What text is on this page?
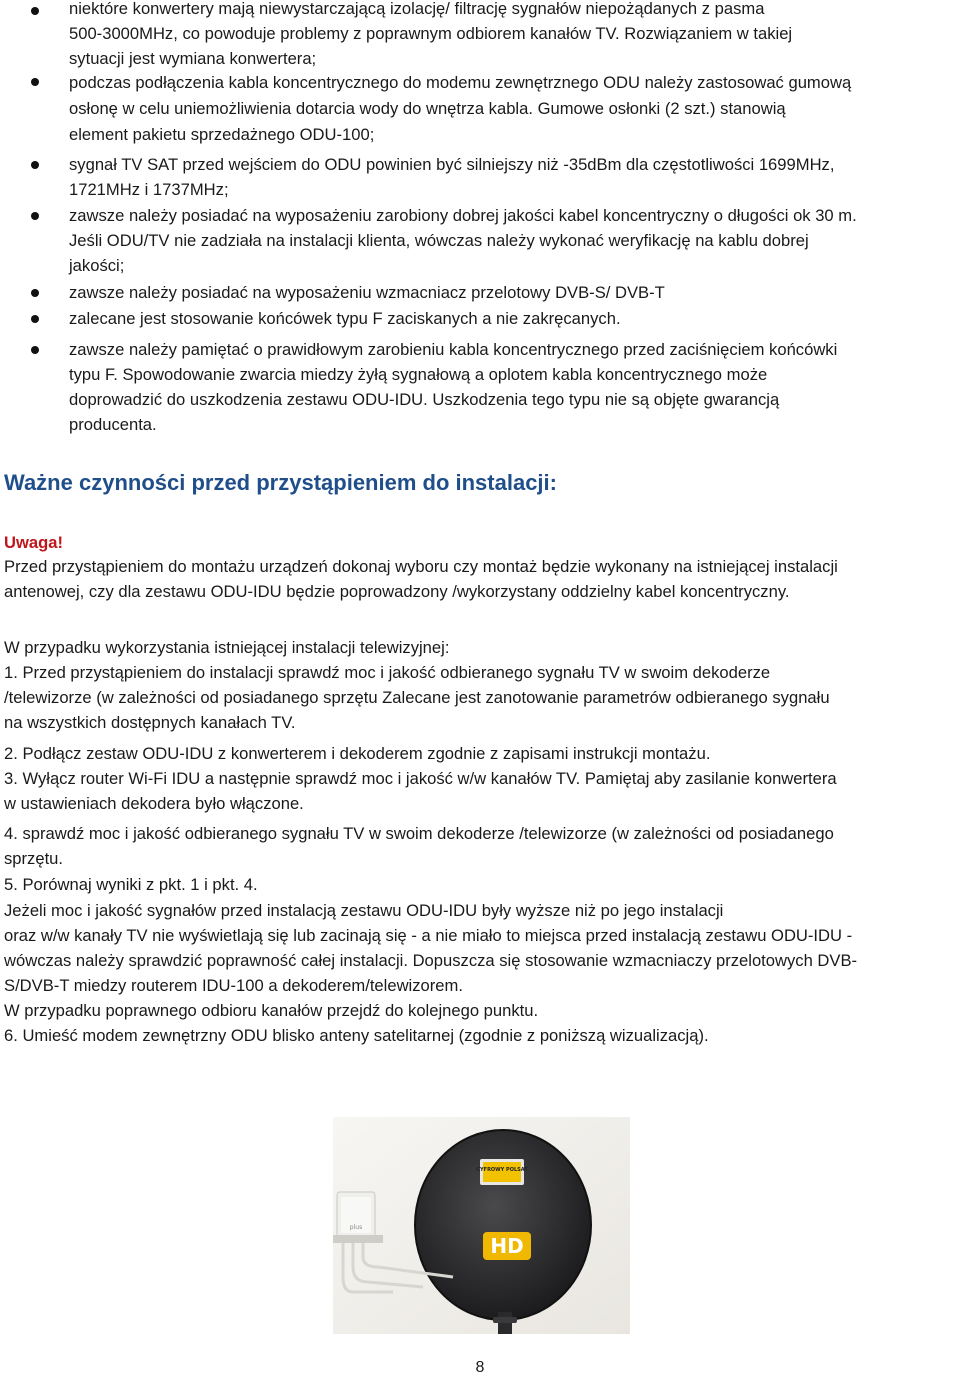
niektóre konwertery mają niewystarczającą izolację/ filtrację sygnałów niepożądanych z pasma
500-3000MHz, co powoduje problemy z poprawnym odbiorem kanałów TV. Rozwiązaniem w takiej
sytuacji jest wymiana konwertera;
podczas podłączenia kabla koncentrycznego do modemu zewnętrznego ODU należy zastosować gumową
osłonę w celu uniemożliwienia dotarcia wody do wnętrza kabla. Gumowe osłonki (2 szt.) stanowią
element pakietu sprzedażnego ODU-100;
sygnał TV SAT przed wejściem do ODU powinien być silniejszy niż -35dBm dla częstotliwości 1699MHz,
1721MHz i 1737MHz;
zawsze należy posiadać na wyposażeniu zarobiony dobrej jakości kabel koncentryczny o długości ok 30 m.
Jeśli ODU/TV nie zadziała na instalacji klienta, wówczas należy wykonać weryfikację na kablu dobrej
jakości;
zawsze należy posiadać na wyposażeniu wzmacniacz przelotowy DVB-S/ DVB-T
zalecane jest stosowanie końcówek typu F zaciskanych a nie zakręcanych.
zawsze należy pamiętać o prawidłowym zarobieniu kabla koncentrycznego przed zaciśnięciem końcówki
typu F. Spowodowanie zwarcia miedzy żyłą sygnałową a oplotem kabla koncentrycznego może
doprowadzić do uszkodzenia zestawu ODU-IDU. Uszkodzenia tego typu nie są objęte gwarancją
producenta.
Ważne czynności przed przystąpieniem do instalacji:
Uwaga!
Przed przystąpieniem do montażu urządzeń dokonaj wyboru czy montaż będzie wykonany na istniejącej instalacji
antenowej, czy dla zestawu ODU-IDU będzie poprowadzony /wykorzystany oddzielny kabel koncentryczny.
W przypadku wykorzystania istniejącej instalacji telewizyjnej:
1. Przed przystąpieniem do instalacji sprawdź moc i jakość odbieranego sygnału TV w swoim dekoderze
/telewizorze (w zależności od posiadanego sprzętu Zalecane jest zanotowanie parametrów odbieranego sygnału
na wszystkich dostępnych kanałach TV.
2. Podłącz zestaw ODU-IDU z konwerterem i dekoderem zgodnie z zapisami instrukcji montażu.
3. Wyłącz router Wi-Fi IDU a następnie sprawdź moc i jakość w/w kanałów TV. Pamiętaj aby zasilanie konwertera
w ustawieniach dekodera było włączone.
4. sprawdź moc i jakość odbieranego sygnału TV w swoim dekoderze /telewizorze (w zależności od posiadanego
sprzętu.
5. Porównaj wyniki z pkt. 1 i pkt. 4.
Jeżeli moc i jakość sygnałów przed instalacją zestawu ODU-IDU były wyższe niż po jego instalacji
oraz w/w kanały TV nie wyświetlają się lub zacinają się - a nie miało to miejsca przed instalacją zestawu ODU-IDU -
wówczas należy sprawdzić poprawność całej instalacji. Dopuszcza się stosowanie wzmacniaczy przelotowych DVB-
S/DVB-T miedzy routerem IDU-100 a dekoderem/telewizorem.
W przypadku poprawnego odbioru kanałów przejdź do kolejnego punktu.
6. Umieść modem zewnętrzny ODU blisko anteny satelitarnej (zgodnie z poniższą wizualizacją).
CYFROWY POLSAT
HD
plus
8
